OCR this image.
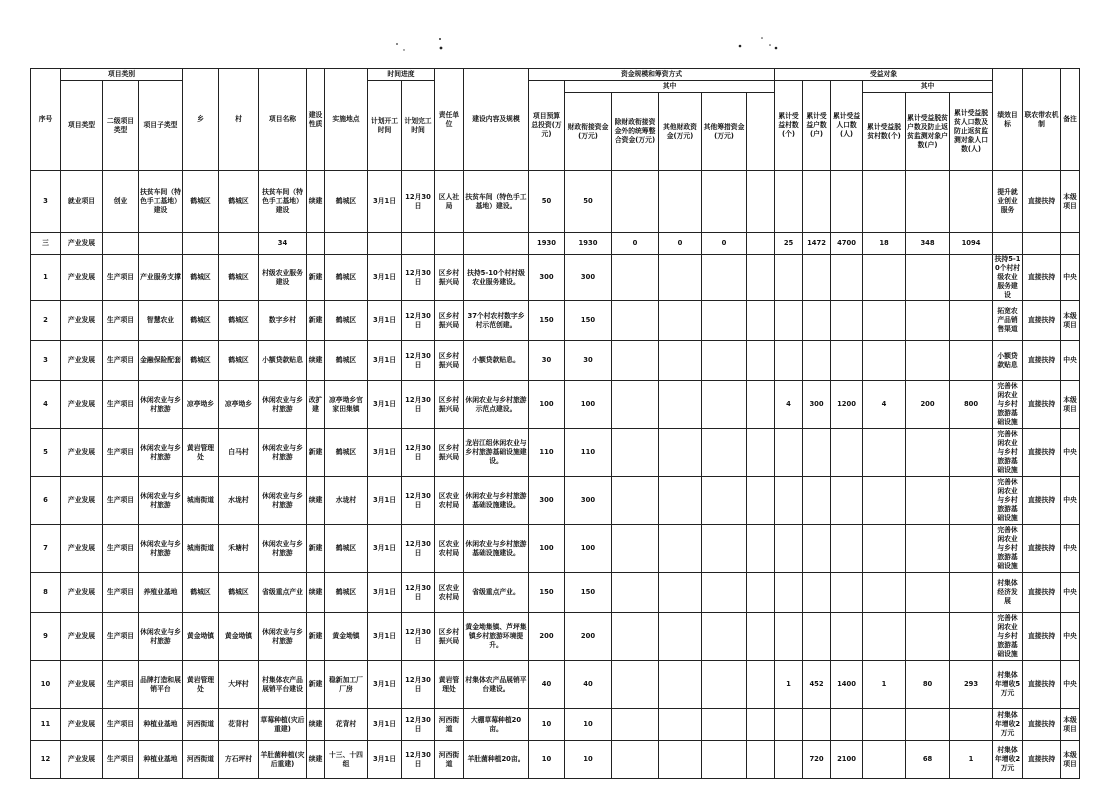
序号	项目类别			乡	村	项目名称	建设性质	实施地点	时间进度		责任单位	建设内容及规模	资金规模和筹资方式						受益对象						绩效目标	联农带农机制	备注
	项目类型	二级项目类型	项目子类型						计划开工时间	计划完工时间			项目预算总投资(万元)	其中					累计受益村数(个)	累计受益户数(户)	累计受益人口数(人)	其中					
														财政衔接资金(万元)	除财政衔接资金外的统筹整合资金(万元)	其他财政资金(万元)	其他筹措资金(万元)					累计受益脱贫村数(个)	累计受益脱贫户数及防止返贫监测对象户数(户)	累计受益脱贫人口数及防止返贫监测对象人口数(人)			
3	就业项目	创业	扶贫车间（特色手工基地）建设	鹤城区	鹤城区	扶贫车间（特色手工基地）建设	续建	鹤城区	3月1日	12月30日	区人社局	扶贫车间（特色手工基地）建设。	50	50											提升就业创业服务	直接扶持	本级项目
三	产业发展					34							1930	1930	0	0	0		25	1472	4700	18	348	1094			
1	产业发展	生产项目	产业服务支撑	鹤城区	鹤城区	村级农业服务建设	新建	鹤城区	3月1日	12月30日	区乡村振兴局	扶持5-10个村村级农业服务建设。	300	300											扶持5-10个村村级农业服务建设	直接扶持	中央
2	产业发展	生产项目	智慧农业	鹤城区	鹤城区	数字乡村	新建	鹤城区	3月1日	12月30日	区乡村振兴局	37个村农村数字乡村示范创建。	150	150											拓宽农产品销售渠道	直接扶持	本级项目
3	产业发展	生产项目	金融保险配套	鹤城区	鹤城区	小额贷款贴息	续建	鹤城区	3月1日	12月30日	区乡村振兴局	小额贷款贴息。	30	30											小额贷款贴息	直接扶持	中央
4	产业发展	生产项目	休闲农业与乡村旅游	凉亭坳乡	凉亭坳乡	休闲农业与乡村旅游	改扩建	凉亭坳乡官家田集镇	3月1日	12月30日	区乡村振兴局	休闲农业与乡村旅游示范点建设。	100	100					4	300	1200	4	200	800	完善休闲农业与乡村旅游基础设施	直接扶持	本级项目
5	产业发展	生产项目	休闲农业与乡村旅游	黄岩管理处	白马村	休闲农业与乡村旅游	新建	鹤城区	3月1日	12月30日	区乡村振兴局	龙岩江组休闲农业与乡村旅游基础设施建设。	110	110											完善休闲农业与乡村旅游基础设施	直接扶持	中央
6	产业发展	生产项目	休闲农业与乡村旅游	城南街道	水垅村	休闲农业与乡村旅游	续建	水垅村	3月1日	12月30日	区农业农村局	休闲农业与乡村旅游基础设施建设。	300	300											完善休闲农业与乡村旅游基础设施	直接扶持	中央
7	产业发展	生产项目	休闲农业与乡村旅游	城南街道	禾塘村	休闲农业与乡村旅游	新建	鹤城区	3月1日	12月30日	区农业农村局	休闲农业与乡村旅游基础设施建设。	100	100											完善休闲农业与乡村旅游基础设施	直接扶持	中央
8	产业发展	生产项目	养殖业基地	鹤城区	鹤城区	省级重点产业	续建	鹤城区	3月1日	12月30日	区农业农村局	省级重点产业。	150	150											村集体经济发展	直接扶持	中央
9	产业发展	生产项目	休闲农业与乡村旅游	黄金坳镇	黄金坳镇	休闲农业与乡村旅游	新建	黄金坳镇	3月1日	12月30日	区乡村振兴局	黄金坳集镇、芦坪集镇乡村旅游环境提升。	200	200											完善休闲农业与乡村旅游基础设施	直接扶持	中央
10	产业发展	生产项目	品牌打造和展销平台	黄岩管理处	大坪村	村集体农产品展销平台建设	新建	稳新加工厂厂房	3月1日	12月30日	黄岩管理处	村集体农产品展销平台建设。	40	40					1	452	1400	1	80	293	村集体年增收5万元	直接扶持	中央
11	产业发展	生产项目	种植业基地	河西街道	花背村	草莓种植(灾后重建)	续建	花背村	3月1日	12月30日	河西街道	大棚草莓种植20亩。	10	10											村集体年增收2万元	直接扶持	本级项目
12	产业发展	生产项目	种植业基地	河西街道	方石坪村	羊肚菌种植(灾后重建)	续建	十三、十四组	3月1日	12月30日	河西街道	羊肚菌种植20亩。	10	10						720	2100		68	1	村集体年增收2万元	直接扶持	本级项目
